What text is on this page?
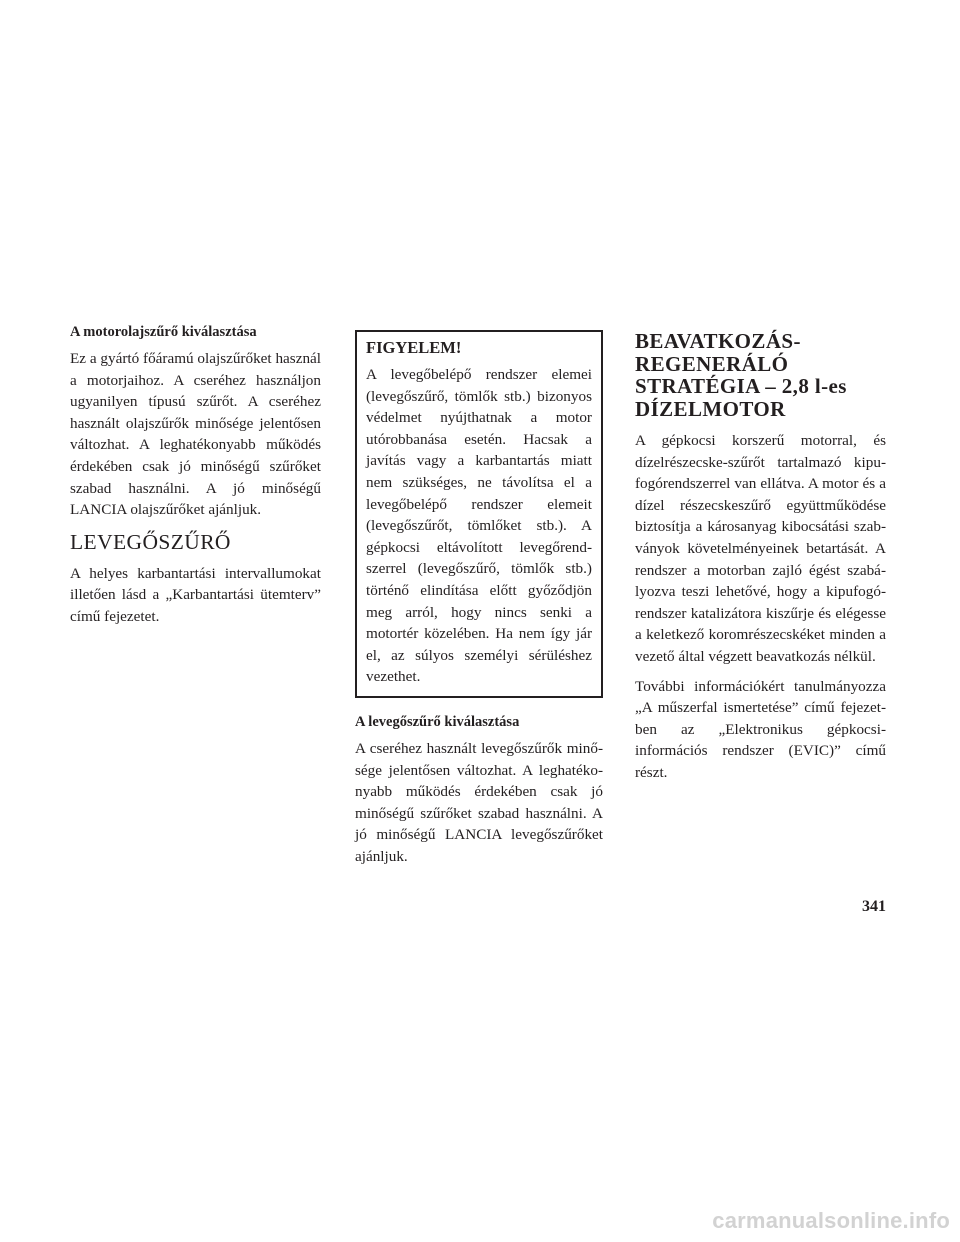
A motorolajszűrő kiválasztása

Ez a gyártó főáramú olajszűrőket használ a motorjaihoz. A cseréhez használjon ugyanilyen típusú szűrőt. A cseréhez használt olajszűrők minősége jelentősen változhat. A leghatékonyabb működés érdekében csak jó minőségű szűrőket szabad használni. A jó minőségű LANCIA olajszűrőket ajánljuk.

LEVEGŐSZŰRŐ

A helyes karbantartási intervallumokat illetően lásd a „Karbantartási ütemterv” című fejezetet.

FIGYELEM!

A levegőbelépő rendszer elemei (levegőszűrő, tömlők stb.) bizonyos védelmet nyújthatnak a motor utórobbanása esetén. Hacsak a javítás vagy a karbantartás miatt nem szükséges, ne távolítsa el a levegőbelépő rendszer elemeit (levegőszűrőt, tömlőket stb.). A gépkocsi eltávolított levegőrendszerrel (levegőszűrő, tömlők stb.) történő elindítása előtt győződjön meg arról, hogy nincs senki a motortér közelében. Ha nem így jár el, az súlyos személyi sérüléshez vezethet.

A levegőszűrő kiválasztása

A cseréhez használt levegőszűrők minősége jelentősen változhat. A leghatékonyabb működés érdekében csak jó minőségű szűrőket szabad használni. A jó minőségű LANCIA levegőszűrőket ajánljuk.

BEAVATKOZÁS-
REGENERÁLÓ
STRATÉGIA – 2,8 l-es
DÍZELMOTOR

A gépkocsi korszerű motorral, és dízelrészecske-szűrőt tartalmazó kipufogórendszerrel van ellátva. A motor és a dízel részecskeszűrő együttműködése biztosítja a károsanyag kibocsátási szabványok követelményeinek betartását. A rendszer a motorban zajló égést szabályozva teszi lehetővé, hogy a kipufogórendszer katalizátora kiszűrje és elégesse a keletkező koromrészecskéket minden a vezető által végzett beavatkozás nélkül.

További információkért tanulmányozza „A műszerfal ismertetése” című fejezetben az „Elektronikus gépkocsiinformációs rendszer (EVIC)” című részt.

341
carmanualsonline.info
